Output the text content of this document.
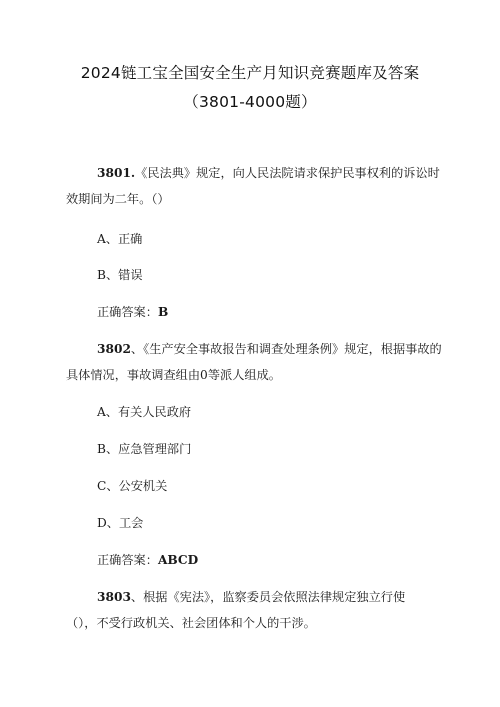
2024链工宝全国安全生产月知识竞赛题库及答案
（3801-4000题）
3801.《民法典》规定，向人民法院请求保护民事权利的诉讼时
效期间为二年。（）
A、正确
B、错误
正确答案：B
3802、《生产安全事故报告和调查处理条例》规定，根据事故的
具体情况，事故调查组由0等派人组成。
A、有关人民政府
B、应急管理部门
C、公安机关
D、工会
正确答案：ABCD
3803、根据《宪法》，监察委员会依照法律规定独立行使
（），不受行政机关、社会团体和个人的干涉。
